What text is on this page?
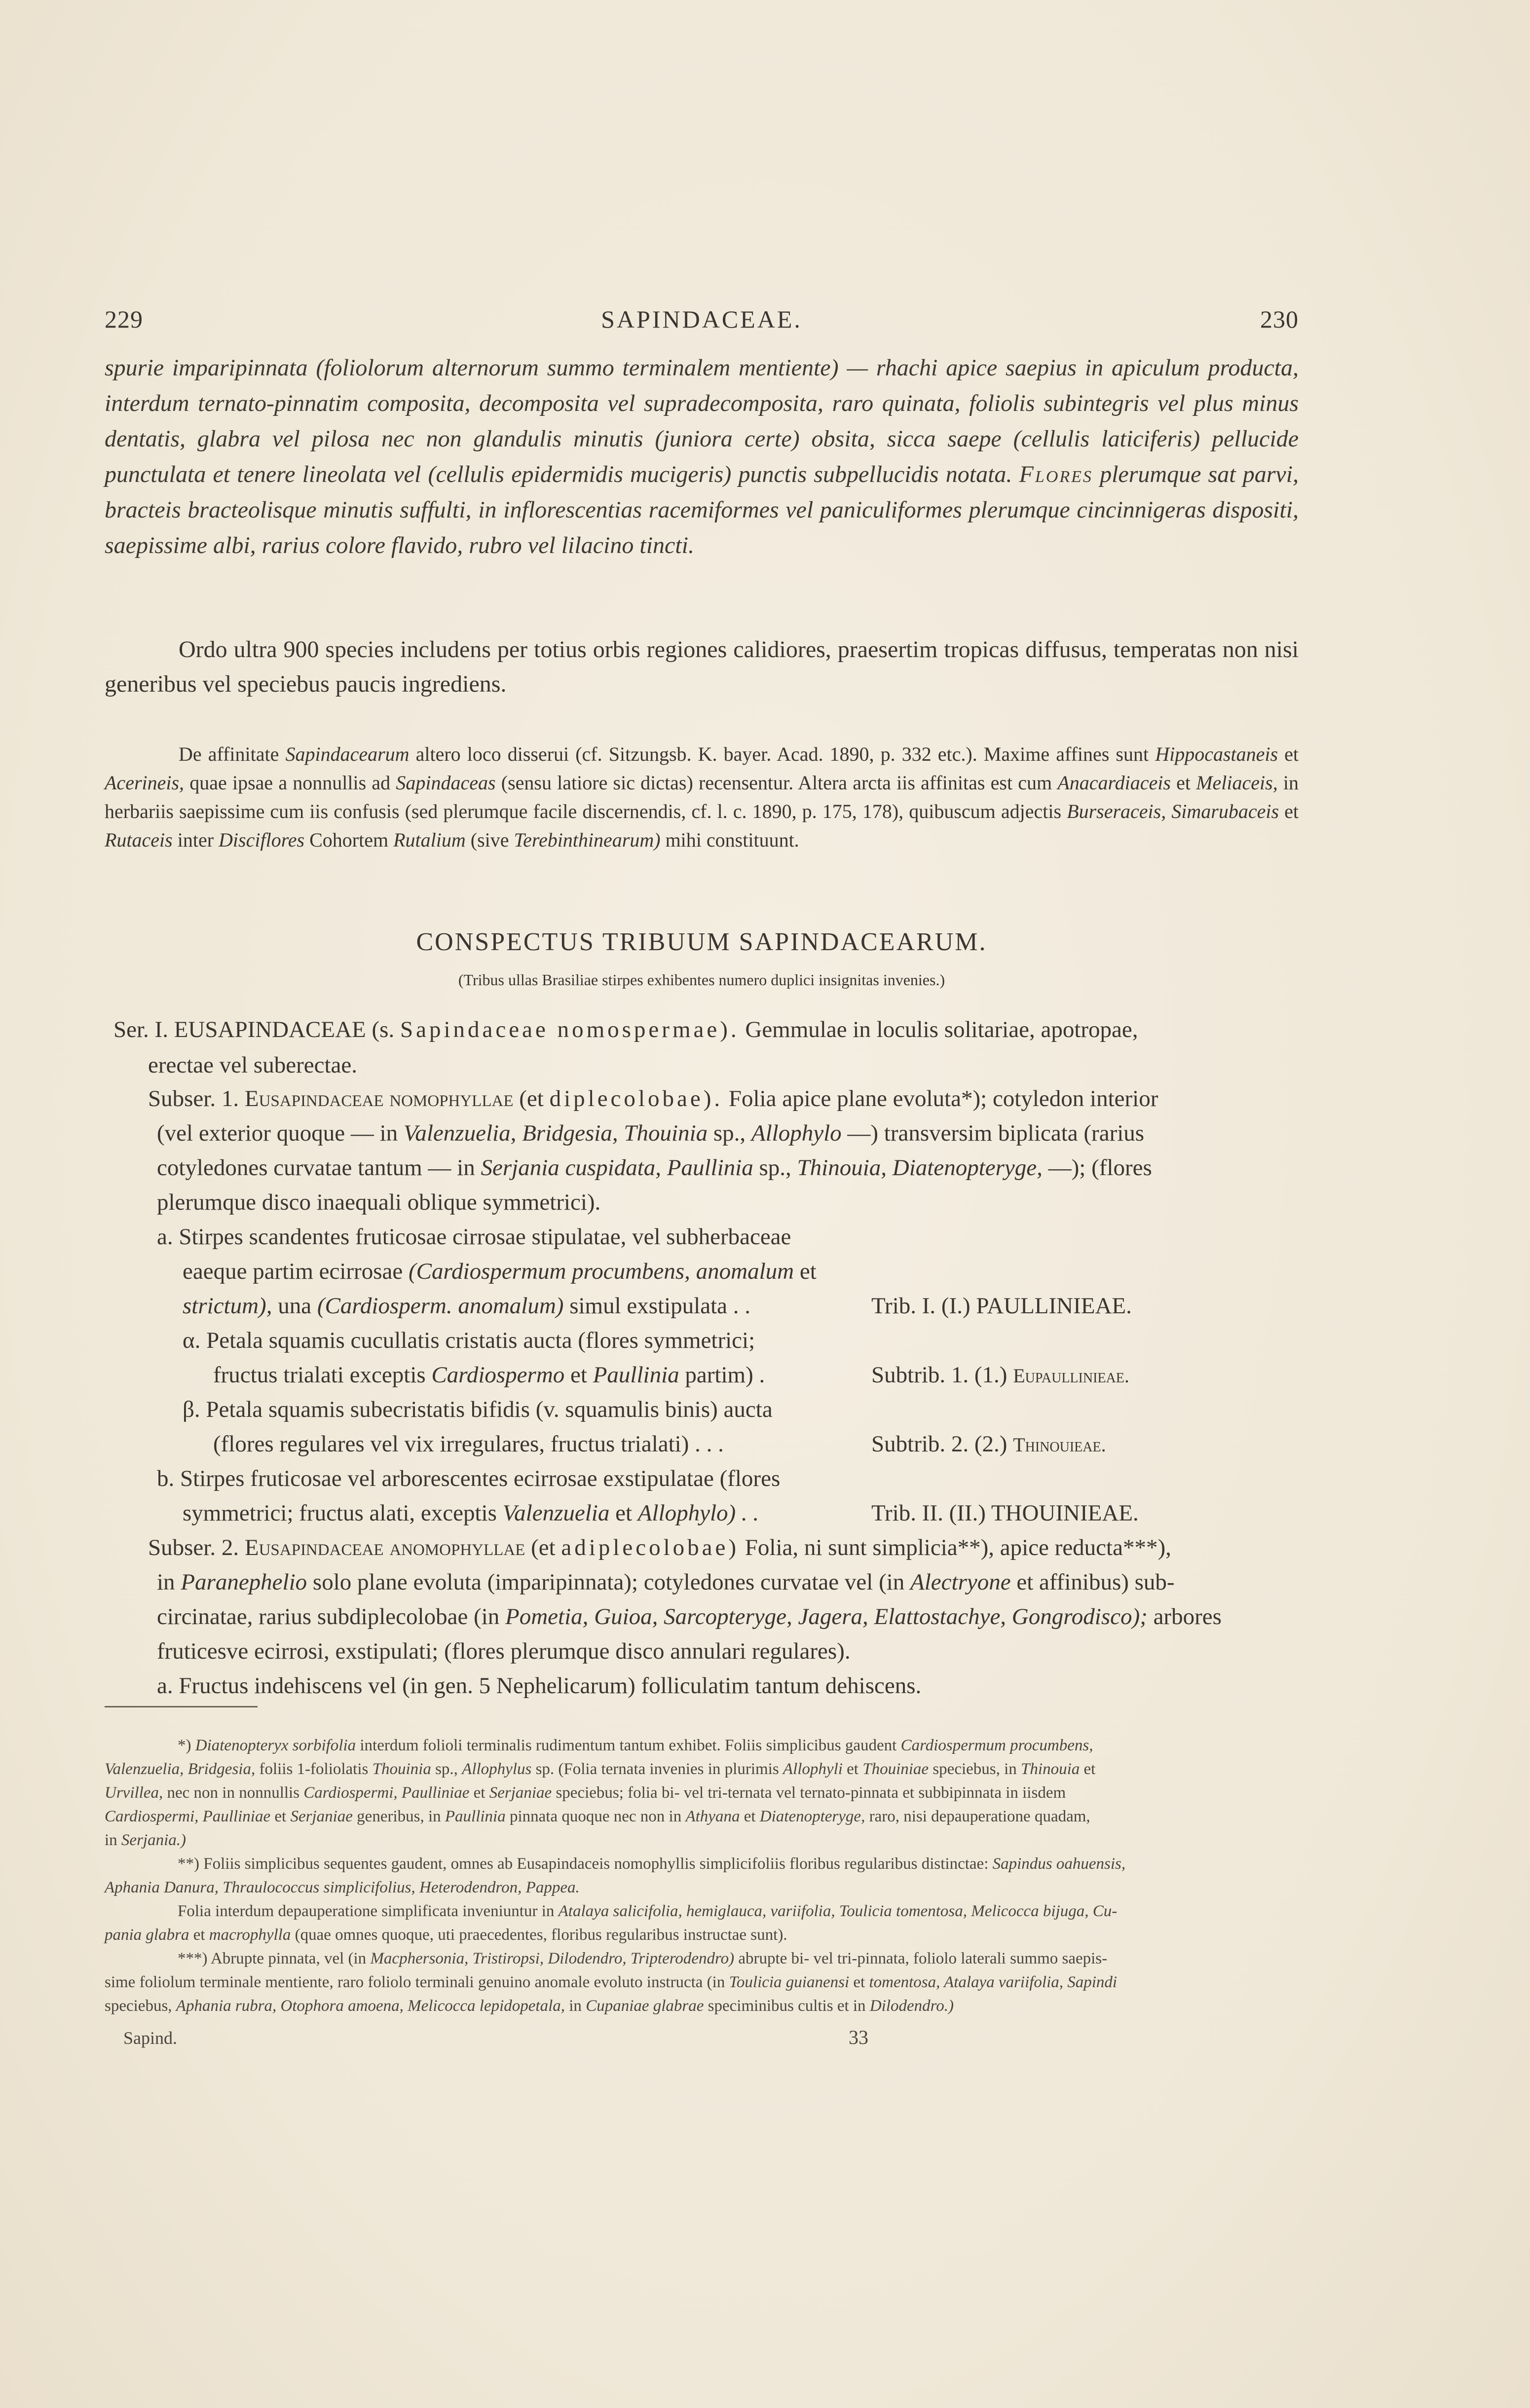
229	SAPINDACEAE.	230
spurie imparipinnata (foliolorum alternorum summo terminalem mentiente) — rhachi apice saepius in apiculum producta, interdum ternato-pinnatim composita, decomposita vel supradecomposita, raro quinata, foliolis subintegris vel plus minus dentatis, glabra vel pilosa nec non glandulis minutis (juniora certe) obsita, sicca saepe (cellulis laticiferis) pellucide punctulata et tenere lineolata vel (cellulis epidermidis mucigeris) punctis subpellucidis notata. Flores plerumque sat parvi, bracteis bracteolisque minutis suffulti, in inflorescentias racemiformes vel paniculiformes plerumque cincinnigeras dispositi, saepissime albi, rarius colore flavido, rubro vel lilacino tincti.
Ordo ultra 900 species includens per totius orbis regiones calidiores, praesertim tropicas diffusus, temperatas non nisi generibus vel speciebus paucis ingrediens.
De affinitate Sapindacearum altero loco disserui (cf. Sitzungsb. K. bayer. Acad. 1890, p. 332 etc.). Maxime affines sunt Hippocastaneis et Acerineis, quae ipsae a nonnullis ad Sapindaceas (sensu latiore sic dictas) recensentur. Altera arcta iis affinitas est cum Anacardiaceis et Meliaceis, in herbariis saepissime cum iis confusis (sed plerumque facile discernendis, cf. l. c. 1890, p. 175, 178), quibuscum adjectis Burseraceis, Simarubaceis et Rutaceis inter Disciflores Cohortem Rutalium (sive Terebinthinearum) mihi constituunt.
CONSPECTUS TRIBUUM SAPINDACEARUM.
(Tribus ullas Brasiliae stirpes exhibentes numero duplici insignitas invenies.)
Ser. I. EUSAPINDACEAE (s. Sapindaceae nomospermae). Gemmulae in loculis solitariae, apotropae,
erectae vel suberectae.
Subser. 1. Eusapindaceae nomophyllae (et diplecolobae). Folia apice plane evoluta*); cotyledon interior
(vel exterior quoque — in Valenzuelia, Bridgesia, Thouinia sp., Allophylo —) transversim biplicata (rarius
cotyledones curvatae tantum — in Serjania cuspidata, Paullinia sp., Thinouia, Diatenopteryge, —); (flores
plerumque disco inaequali oblique symmetrici).
a. Stirpes scandentes fruticosae cirrosae stipulatae, vel subherbaceae
eaeque partim ecirrosae (Cardiospermum procumbens, anomalum et
strictum), una (Cardiosperm. anomalum) simul exstipulata . .	Trib. I. (I.) PAULLINIEAE.
α. Petala squamis cucullatis cristatis aucta (flores symmetrici;
fructus trialati exceptis Cardiospermo et Paullinia partim) .	Subtrib. 1. (1.) Eupaullinieae.
β. Petala squamis subecristatis bifidis (v. squamulis binis) aucta
(flores regulares vel vix irregulares, fructus trialati) . . .	Subtrib. 2. (2.) Thinouieae.
b. Stirpes fruticosae vel arborescentes ecirrosae exstipulatae (flores
symmetrici; fructus alati, exceptis Valenzuelia et Allophylo) . .	Trib. II. (II.) THOUINIEAE.
Subser. 2. Eusapindaceae anomophyllae (et adiplecolobae) Folia, ni sunt simplicia**), apice reducta***),
in Paranephelio solo plane evoluta (imparipinnata); cotyledones curvatae vel (in Alectryone et affinibus) sub-
circinatae, rarius subdiplecolobae (in Pometia, Guioa, Sarcopteryge, Jagera, Elattostachye, Gongrodisco); arbores
fruticesve ecirrosi, exstipulati; (flores plerumque disco annulari regulares).
a. Fructus indehiscens vel (in gen. 5 Nephelicarum) folliculatim tantum dehiscens.
*) Diatenopteryx sorbifolia interdum folioli terminalis rudimentum tantum exhibet. Foliis simplicibus gaudent Cardiospermum procumbens,
Valenzuelia, Bridgesia, foliis 1-foliolatis Thouinia sp., Allophylus sp. (Folia ternata invenies in plurimis Allophyli et Thouiniae speciebus, in Thinouia et
Urvillea, nec non in nonnullis Cardiospermi, Paulliniae et Serjaniae speciebus; folia bi- vel tri-ternata vel ternato-pinnata et subbipinnata in iisdem
Cardiospermi, Paulliniae et Serjaniae generibus, in Paullinia pinnata quoque nec non in Athyana et Diatenopteryge, raro, nisi depauperatione quadam,
in Serjania.)
**) Foliis simplicibus sequentes gaudent, omnes ab Eusapindaceis nomophyllis simplicifoliis floribus regularibus distinctae: Sapindus oahuensis,
Aphania Danura, Thraulococcus simplicifolius, Heterodendron, Pappea.
Folia interdum depauperatione simplificata inveniuntur in Atalaya salicifolia, hemiglauca, variifolia, Toulicia tomentosa, Melicocca bijuga, Cu-
pania glabra et macrophylla (quae omnes quoque, uti praecedentes, floribus regularibus instructae sunt).
***) Abrupte pinnata, vel (in Macphersonia, Tristiropsi, Dilodendro, Tripterodendro) abrupte bi- vel tri-pinnata, foliolo laterali summo saepis-
sime foliolum terminale mentiente, raro foliolo terminali genuino anomale evoluto instructa (in Toulicia guianensi et tomentosa, Atalaya variifolia, Sapindi
speciebus, Aphania rubra, Otophora amoena, Melicocca lepidopetala, in Cupaniae glabrae speciminibus cultis et in Dilodendro.)
Sapind.	33
